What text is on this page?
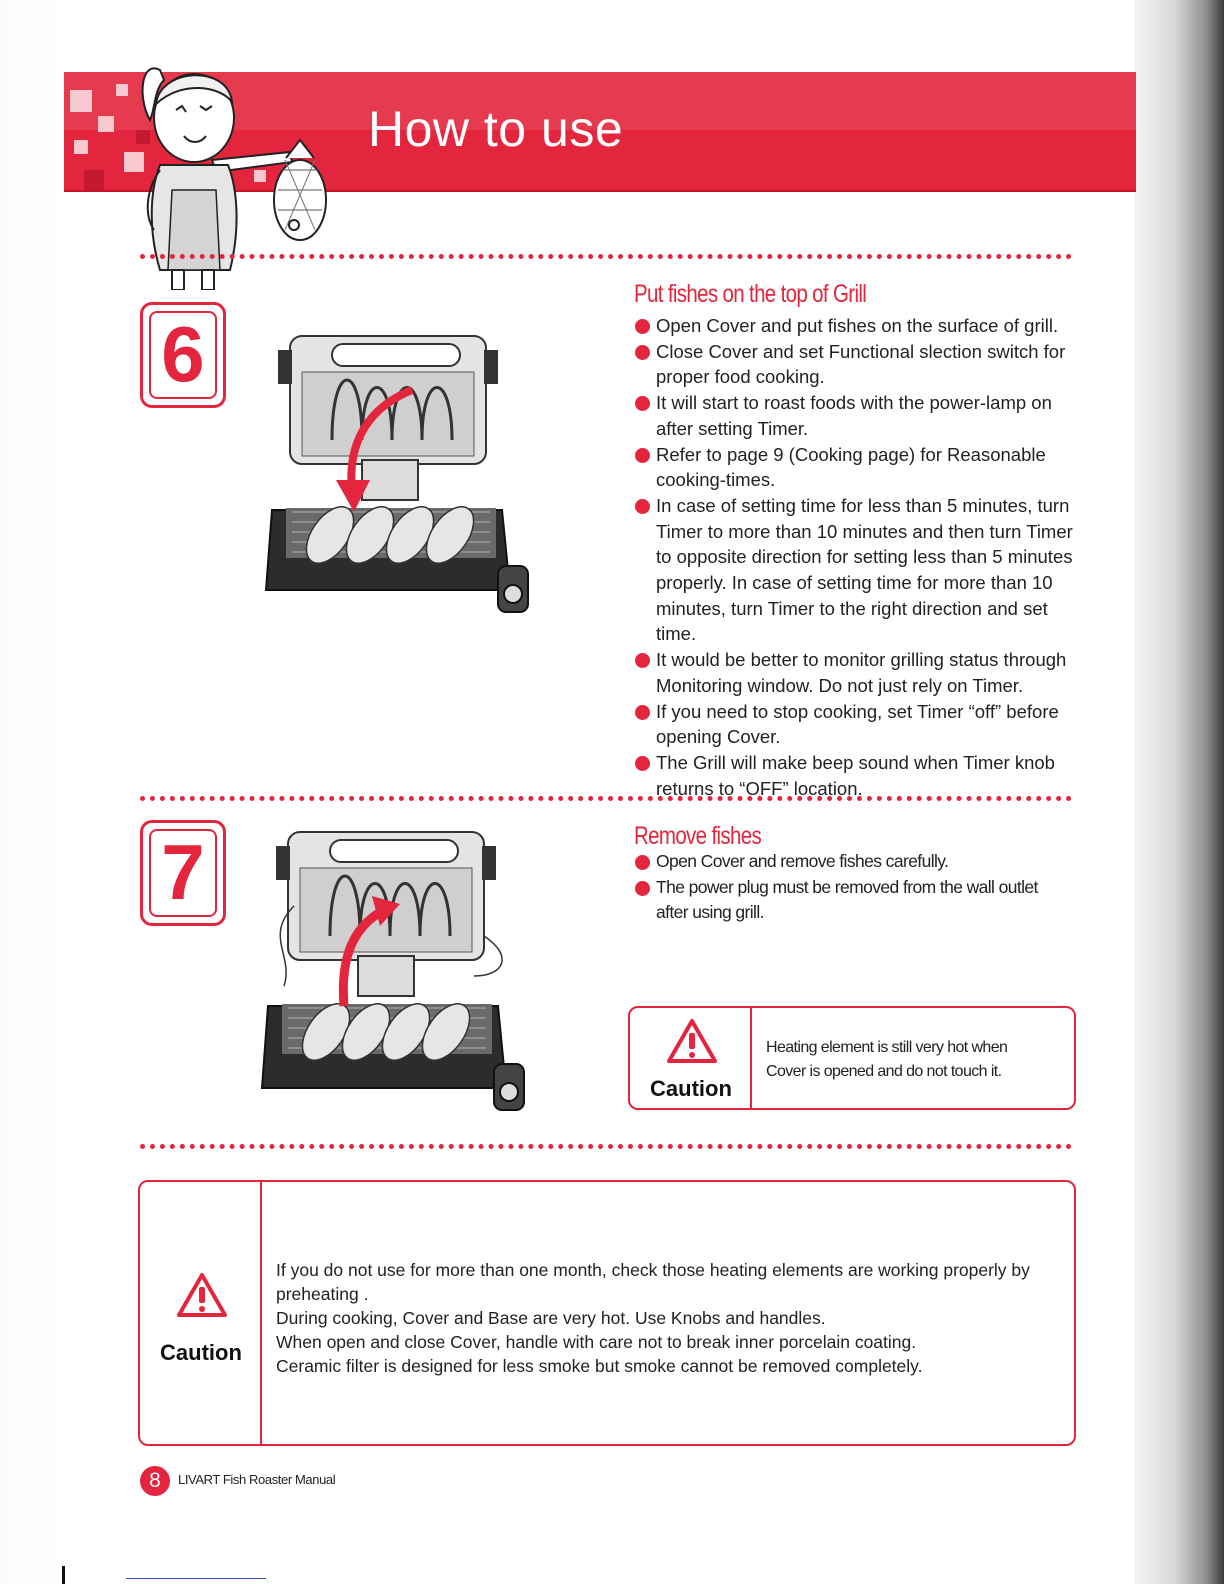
How to use
6
Put fishes on the top of Grill
Open Cover and put fishes on the surface of grill.
Close Cover and set Functional slection switch for proper food cooking.
It will start to roast foods with the power-lamp on after setting Timer.
Refer to page 9 (Cooking page) for Reasonable cooking-times.
In case of setting time for less than 5 minutes, turn Timer to more than 10 minutes and then turn Timer to opposite direction for setting less than 5 minutes properly. In case of setting time for more than 10 minutes, turn Timer to the right direction and set time.
It would be better to monitor grilling status through Monitoring window. Do not just rely on Timer.
If you need to stop cooking, set Timer “off” before opening Cover.
The Grill will make beep sound when Timer knob returns to “OFF” location.
7	Remove fishes
Open Cover and remove fishes carefully.
The power plug must be removed from the wall outlet after using grill.
Caution
Heating element is still very hot when Cover is opened and do not touch it.
Caution
If you do not use for more than one month, check those heating elements are working properly by preheating .
During cooking, Cover and Base are very hot. Use Knobs and handles.
When open and close Cover, handle with care not to break inner porcelain coating.
Ceramic filter is designed for less smoke but smoke cannot be removed completely.
8	LIVART Fish Roaster Manual
